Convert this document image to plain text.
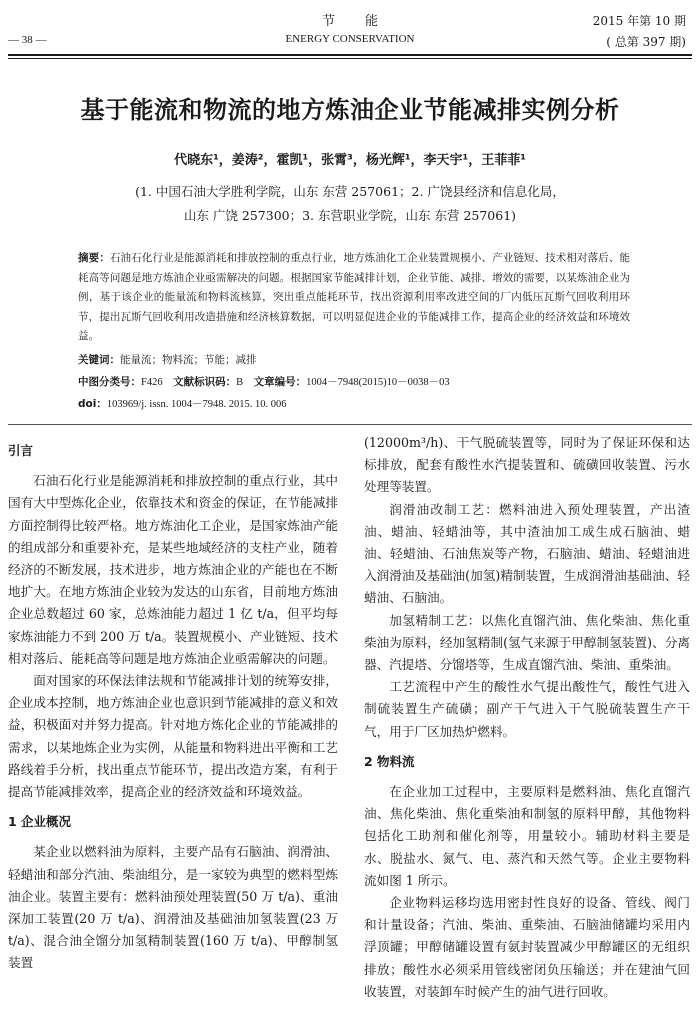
节能
ENERGY CONSERVATION
— 38 —
2015 年第 10 期
( 总第 397 期)
基于能流和物流的地方炼油企业节能减排实例分析
代晓东¹，姜涛²，霍凯¹，张霄³，杨光辉¹，李天宇¹，王菲菲¹
(1. 中国石油大学胜利学院，山东 东营 257061；2. 广饶县经济和信息化局，
山东 广饶 257300；3. 东营职业学院，山东 东营 257061)
摘要：石油石化行业是能源消耗和排放控制的重点行业，地方炼油化工企业装置规模小、产业链短、技术相对落后、能耗高等问题是地方炼油企业亟需解决的问题。根据国家节能减排计划，企业节能、减排、增效的需要，以某炼油企业为例，基于该企业的能量流和物料流核算，突出重点能耗环节，找出资源利用率改进空间的厂内低压瓦斯气回收利用环节，提出瓦斯气回收利用改造措施和经济核算数据，可以明显促进企业的节能减排工作，提高企业的经济效益和环境效益。
关键词：能量流；物料流；节能；减排
中图分类号：F426 文献标识码：B 文章编号：1004－7948(2015)10－0038－03
doi：103969/j. issn. 1004－7948. 2015. 10. 006
引言

石油石化行业是能源消耗和排放控制的重点行业，其中国有大中型炼化企业，依靠技术和资金的保证，在节能减排方面控制得比较严格。地方炼油化工企业，是国家炼油产能的组成部分和重要补充，是某些地域经济的支柱产业，随着经济的不断发展，技术进步，地方炼油企业的产能也在不断地扩大。在地方炼油企业较为发达的山东省，目前地方炼油企业总数超过 60 家，总炼油能力超过 1 亿 t/a，但平均每家炼油能力不到 200 万 t/a。装置规模小、产业链短、技术相对落后、能耗高等问题是地方炼油企业亟需解决的问题。

面对国家的环保法律法规和节能减排计划的统筹安排，企业成本控制，地方炼油企业也意识到节能减排的意义和效益，积极面对并努力提高。针对地方炼化企业的节能减排的需求，以某地炼企业为实例，从能量和物料进出平衡和工艺路线着手分析，找出重点节能环节，提出改造方案，有利于提高节能减排效率，提高企业的经济效益和环境效益。

1 企业概况

某企业以燃料油为原料，主要产品有石脑油、润滑油、轻蜡油和部分汽油、柴油组分，是一家较为典型的燃料型炼油企业。装置主要有：燃料油预处理装置(50 万 t/a)、重油深加工装置(20 万 t/a)、润滑油及基础油加氢装置(23 万 t/a)、混合油全馏分加氢精制装置(160 万 t/a)、甲醇制氢装置

(12000m³/h)、干气脱硫装置等，同时为了保证环保和达标排放，配套有酸性水汽提装置和、硫磺回收装置、污水处理等装置。

润滑油改制工艺：燃料油进入预处理装置，产出渣油、蜡油、轻蜡油等，其中渣油加工成生成石脑油、蜡油、轻蜡油、石油焦炭等产物，石脑油、蜡油、轻蜡油进入润滑油及基础油(加氢)精制装置，生成润滑油基础油、轻蜡油、石脑油。

加氢精制工艺：以焦化直馏汽油、焦化柴油、焦化重柴油为原料，经加氢精制(氢气来源于甲醇制氢装置)、分离器、汽提塔、分馏塔等，生成直馏汽油、柴油、重柴油。

工艺流程中产生的酸性水气提出酸性气，酸性气进入制硫装置生产硫磺；副产干气进入干气脱硫装置生产干气，用于厂区加热炉燃料。

2 物料流

在企业加工过程中，主要原料是燃料油、焦化直馏汽油、焦化柴油、焦化重柴油和制氢的原料甲醇，其他物料包括化工助剂和催化剂等，用量较小。辅助材料主要是水、脱盐水、氮气、电、蒸汽和天然气等。企业主要物料流如图 1 所示。

企业物料运移均选用密封性良好的设备、管线、阀门和计量设备；汽油、柴油、重柴油、石脑油储罐均采用内浮顶罐；甲醇储罐设置有氨封装置减少甲醇罐区的无组织排放；酸性水必须采用管线密闭负压输送；并在建油气回收装置，对装卸车时候产生的油气进行回收。
